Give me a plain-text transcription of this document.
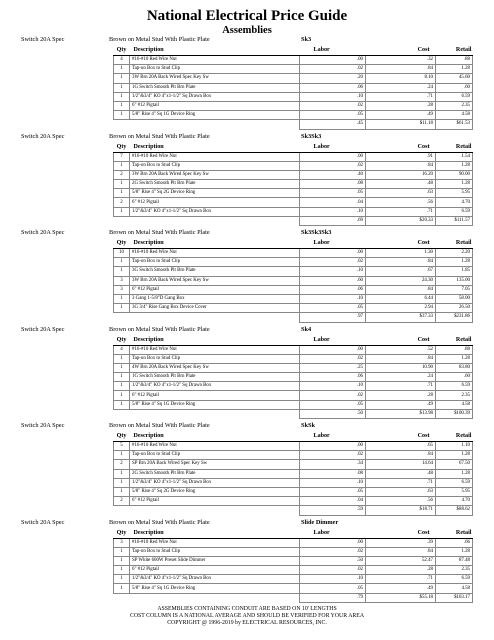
National Electrical Price Guide
Assemblies
Switch 20A Spec	Brown on Metal Stud With Plastic Plate	Sk3
Qty	Description	Labor	Cost	Retail
4	#16-#10 Red Wire Nut	.00	.32	.88
1	Tap-on Box to Stud Clip	.02	.84	1.28
1	3W Brn 20A Back Wired Spec Key Sw	.20	8.10	45.60
1	1G Switch Smooth Plt Brn Plate	.06	.24	.60
1	1/2"&3/4" KO 4"x1-1/2" Sq Drawn Box	.10	.71	6.59
1	6" #12 Pigtail	.02	.28	2.35
1	5/8" Rise 4" Sq 1G Device Ring	.05	.49	4.58
		.45	$11.18	$61.53
Switch 20A Spec	Brown on Metal Stud With Plastic Plate	Sk3Sk3
Qty	Description	Labor	Cost	Retail
7	#16-#10 Red Wire Nut	.00	.91	1.54
1	Tap-on Box to Stud Clip	.02	.84	1.28
2	3W Brn 20A Back Wired Spec Key Sw	.40	16.20	90.00
1	2G Switch Smooth Plt Brn Plate	.08	.48	1.28
1	5/8" Rise 4" Sq 2G Device Ring	.05	.63	5.95
2	6" #12 Pigtail	.04	.56	4.70
1	1/2"&3/4" KO 4"x1-1/2" Sq Drawn Box	.10	.71	6.59
		.69	$20.33	$111.57
Switch 20A Spec	Brown on Metal Stud With Plastic Plate	Sk3Sk3Sk3
Qty	Description	Labor	Cost	Retail
10	#16-#10 Red Wire Nut	.00	1.30	2.20
1	Tap-on Box to Stud Clip	.02	.84	1.28
1	3G Switch Smooth Plt Brn Plate	.10	.67	1.85
3	3W Brn 20A Back Wired Spec Key Sw	.60	24.30	135.00
3	6" #12 Pigtail	.06	.84	7.05
1	3 Gang 1-5/8"D Gang Box	.10	6.44	58.00
1	3G 3/4" Rise Gang Box Device Cover	.05	2.94	26.50
		.97	$37.33	$231.86
Switch 20A Spec	Brown on Metal Stud With Plastic Plate	Sk4
Qty	Description	Labor	Cost	Retail
4	#16-#10 Red Wire Nut	.00	.52	.88
1	Tap-on Box to Stud Clip	.02	.84	1.28
1	4W Brn 20A Back Wired Spec Key Sw	.25	10.90	83.80
1	1G Switch Smooth Plt Brn Plate	.06	.24	.60
1	1/2"&3/4" KO 4"x1-1/2" Sq Drawn Box	.10	.71	6.59
1	6" #12 Pigtail	.02	.28	2.35
1	5/8" Rise 4" Sq 1G Device Ring	.05	.49	4.58
		.50	$13.98	$100.39
Switch 20A Spec	Brown on Metal Stud With Plastic Plate	SkSk
Qty	Description	Labor	Cost	Retail
5	#16-#10 Red Wire Nut	.00	.65	1.10
1	Tap-on Box to Stud Clip	.02	.84	1.28
2	SP Brn 20A Back Wired Spec Key Sw	.34	14.64	67.50
1	2G Switch Smooth Plt Brn Plate	.08	.48	1.28
1	1/2"&3/4" KO 4"x1-1/2" Sq Drawn Box	.10	.71	6.59
1	5/8" Rise 4" Sq 2G Device Ring	.05	.63	5.95
2	6" #12 Pigtail	.04	.56	4.70
		.59	$18.71	$88.62
Switch 20A Spec	Brown on Metal Stud With Plastic Plate	Slide Dimmer
Qty	Description	Labor	Cost	Retail
3	#16-#10 Red Wire Nut	.00	.39	.66
1	Tap-on Box to Stud Clip	.02	.84	1.28
1	SP White 600W Preset Slide Dimmer	.50	52.47	87.48
1	6" #12 Pigtail	.02	.28	2.35
1	1/2"&3/4" KO 4"x1-1/2" Sq Drawn Box	.10	.71	6.59
1	5/8" Rise 4" Sq 1G Device Ring	.05	.49	4.58
		.79	$55.18	$103.17
ASSEMBLIES CONTAINING CONDUIT ARE BASED ON 10' LENGTHS
COST COLUMN IS A NATIONAL AVERAGE AND SHOULD BE VERIFIED FOR YOUR AREA
COPYRIGHT @ 1996-2019 by ELECTRICAL RESOURCES, INC.
